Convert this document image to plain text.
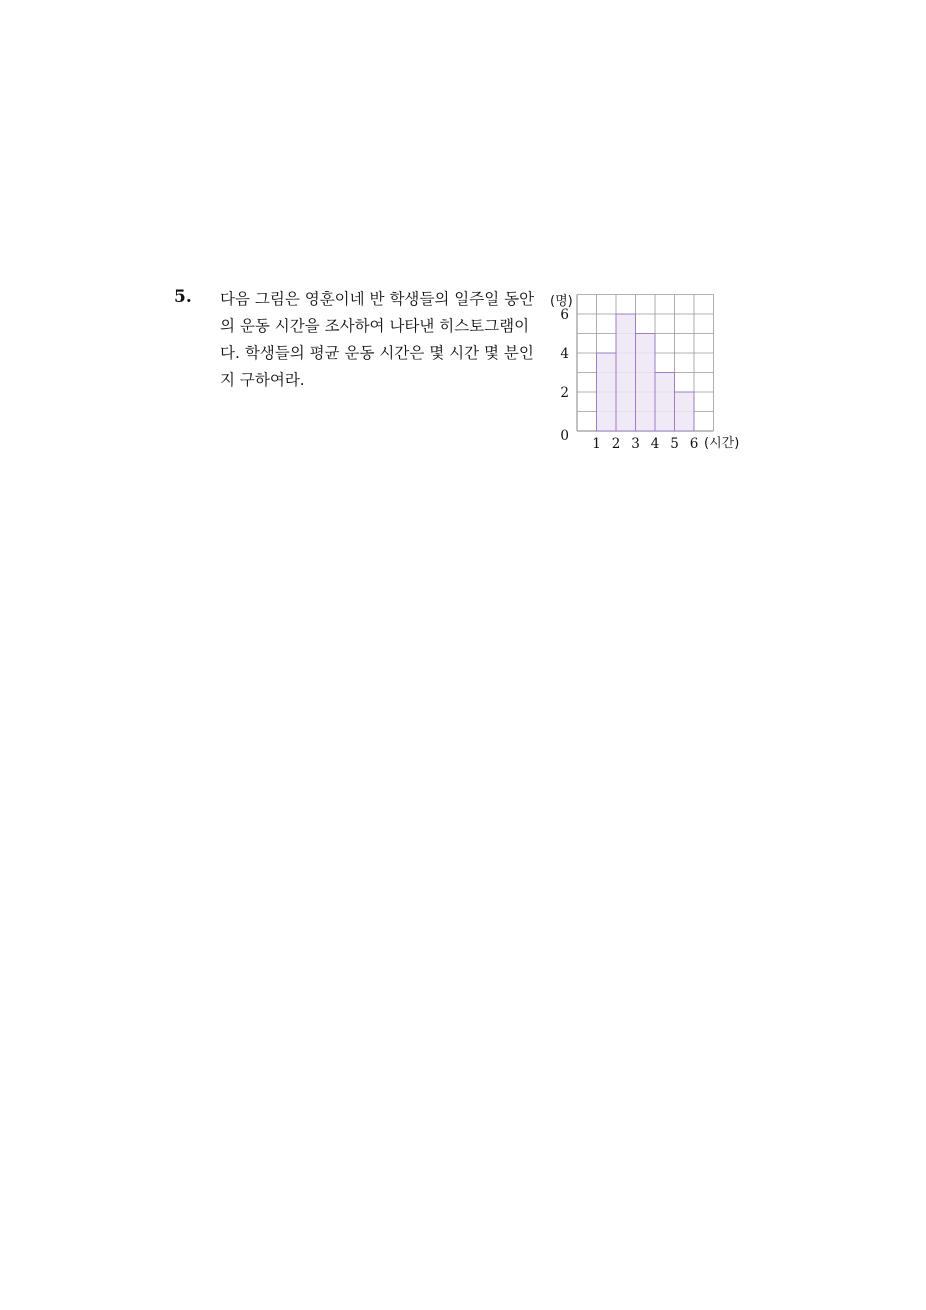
5. 다음 그림은 영훈이네 반 학생들의 일주일 동안
의 운동 시간을 조사하여 나타낸 히스토그램이
다. 학생들의 평균 운동 시간은 몇 시간 몇 분인
지 구하여라.
(명)
(시간)
1 2 3 4 5 6
0
2
4
6
